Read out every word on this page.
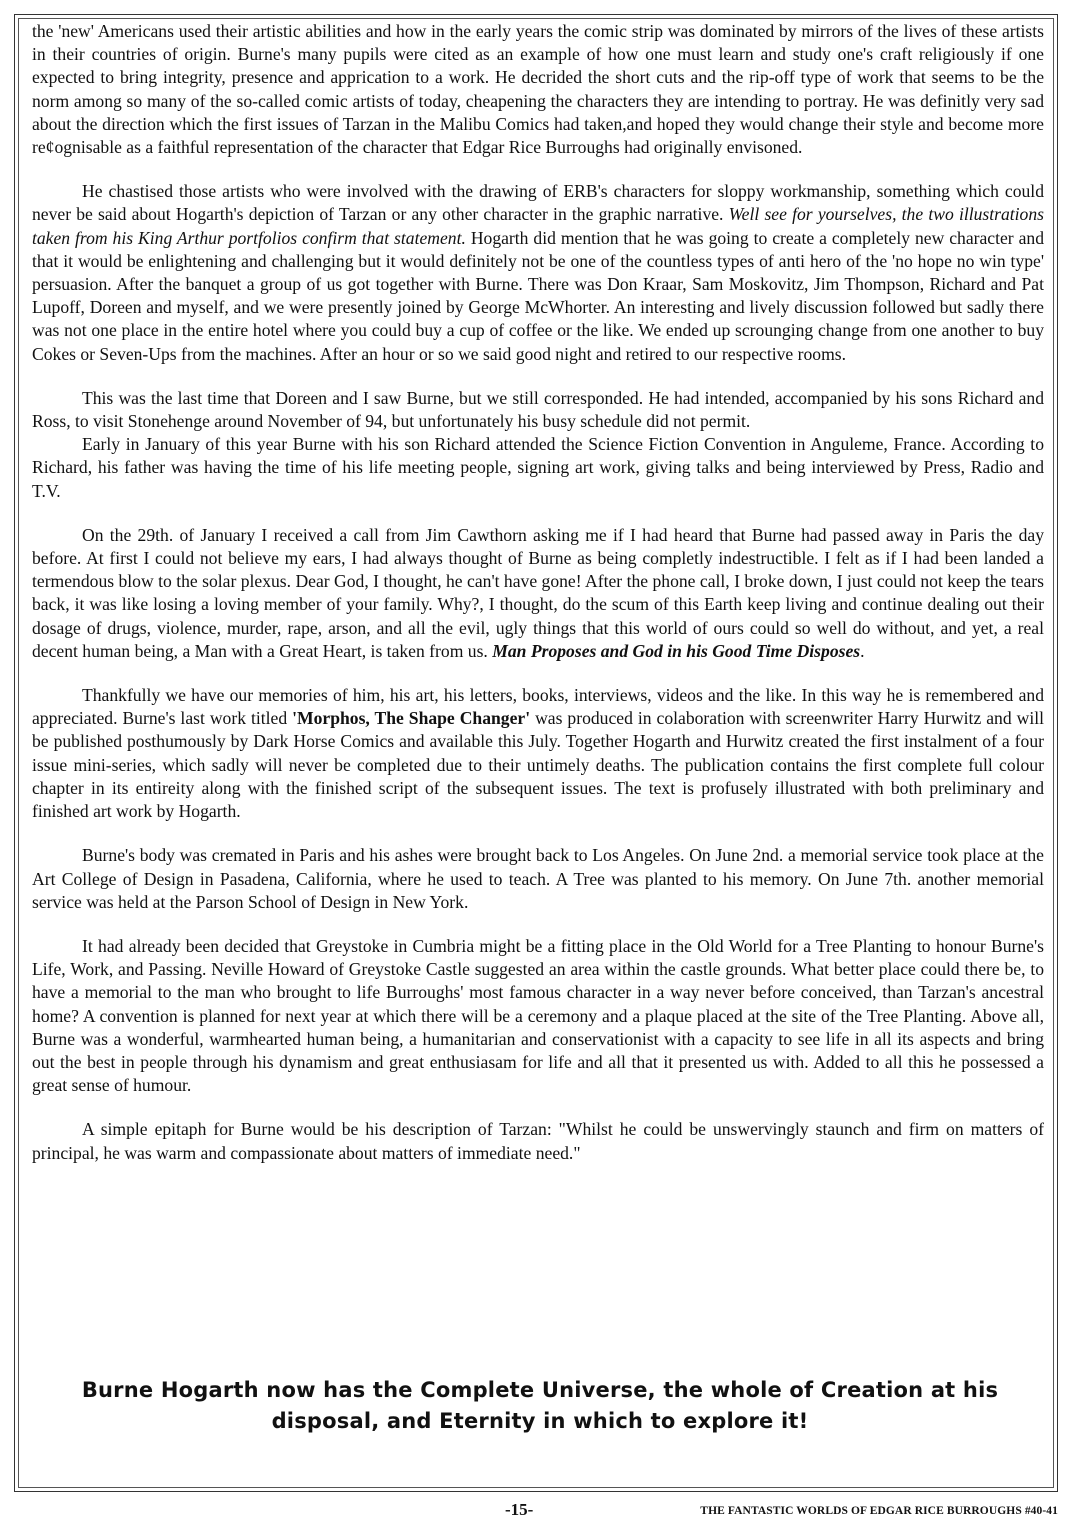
the 'new' Americans used their artistic abilities and how in the early years the comic strip was dominated by mirrors of the lives of these artists in their countries of origin. Burne's many pupils were cited as an example of how one must learn and study one's craft religiously if one expected to bring integrity, presence and apprication to a work. He decrided the short cuts and the rip-off type of work that seems to be the norm among so many of the so-called comic artists of today, cheapening the characters they are intending to portray. He was definitly very sad about the direction which the first issues of Tarzan in the Malibu Comics had taken,and hoped they would change their style and become more re¢ognisable as a faithful representation of the character that Edgar Rice Burroughs had originally envisoned.

He chastised those artists who were involved with the drawing of ERB's characters for sloppy workmanship, something which could never be said about Hogarth's depiction of Tarzan or any other character in the graphic narrative. Well see for yourselves, the two illustrations taken from his King Arthur portfolios confirm that statement. Hogarth did mention that he was going to create a completely new character and that it would be enlightening and challenging but it would definitely not be one of the countless types of anti hero of the 'no hope no win type' persuasion. After the banquet a group of us got together with Burne. There was Don Kraar, Sam Moskovitz, Jim Thompson, Richard and Pat Lupoff, Doreen and myself, and we were presently joined by George McWhorter. An interesting and lively discussion followed but sadly there was not one place in the entire hotel where you could buy a cup of coffee or the like. We ended up scrounging change from one another to buy Cokes or Seven-Ups from the machines. After an hour or so we said good night and retired to our respective rooms.

This was the last time that Doreen and I saw Burne, but we still corresponded. He had intended, accompanied by his sons Richard and Ross, to visit Stonehenge around November of 94, but unfortunately his busy schedule did not permit.

Early in January of this year Burne with his son Richard attended the Science Fiction Convention in Anguleme, France. According to Richard, his father was having the time of his life meeting people, signing art work, giving talks and being interviewed by Press, Radio and T.V.

On the 29th. of January I received a call from Jim Cawthorn asking me if I had heard that Burne had passed away in Paris the day before. At first I could not believe my ears, I had always thought of Burne as being completly indestructible. I felt as if I had been landed a termendous blow to the solar plexus. Dear God, I thought, he can't have gone! After the phone call, I broke down, I just could not keep the tears back, it was like losing a loving member of your family. Why?, I thought, do the scum of this Earth keep living and continue dealing out their dosage of drugs, violence, murder, rape, arson, and all the evil, ugly things that this world of ours could so well do without, and yet, a real decent human being, a Man with a Great Heart, is taken from us. Man Proposes and God in his Good Time Disposes.

Thankfully we have our memories of him, his art, his letters, books, interviews, videos and the like. In this way he is remembered and appreciated. Burne's last work titled 'Morphos, The Shape Changer' was produced in colaboration with screenwriter Harry Hurwitz and will be published posthumously by Dark Horse Comics and available this July. Together Hogarth and Hurwitz created the first instalment of a four issue mini-series, which sadly will never be completed due to their untimely deaths. The publication contains the first complete full colour chapter in its entireity along with the finished script of the subsequent issues. The text is profusely illustrated with both preliminary and finished art work by Hogarth.

Burne's body was cremated in Paris and his ashes were brought back to Los Angeles. On June 2nd. a memorial service took place at the Art College of Design in Pasadena, California, where he used to teach. A Tree was planted to his memory. On June 7th. another memorial service was held at the Parson School of Design in New York.

It had already been decided that Greystoke in Cumbria might be a fitting place in the Old World for a Tree Planting to honour Burne's Life, Work, and Passing. Neville Howard of Greystoke Castle suggested an area within the castle grounds. What better place could there be, to have a memorial to the man who brought to life Burroughs' most famous character in a way never before conceived, than Tarzan's ancestral home? A convention is planned for next year at which there will be a ceremony and a plaque placed at the site of the Tree Planting. Above all, Burne was a wonderful, warmhearted human being, a humanitarian and conservationist with a capacity to see life in all its aspects and bring out the best in people through his dynamism and great enthusiasam for life and all that it presented us with. Added to all this he possessed a great sense of humour.

A simple epitaph for Burne would be his description of Tarzan: "Whilst he could be unswervingly staunch and firm on matters of principal, he was warm and compassionate about matters of immediate need."

Burne Hogarth now has the Complete Universe, the whole of Creation at his
disposal, and Eternity in which to explore it!
-15-	THE FANTASTIC WORLDS OF EDGAR RICE BURROUGHS #40-41
